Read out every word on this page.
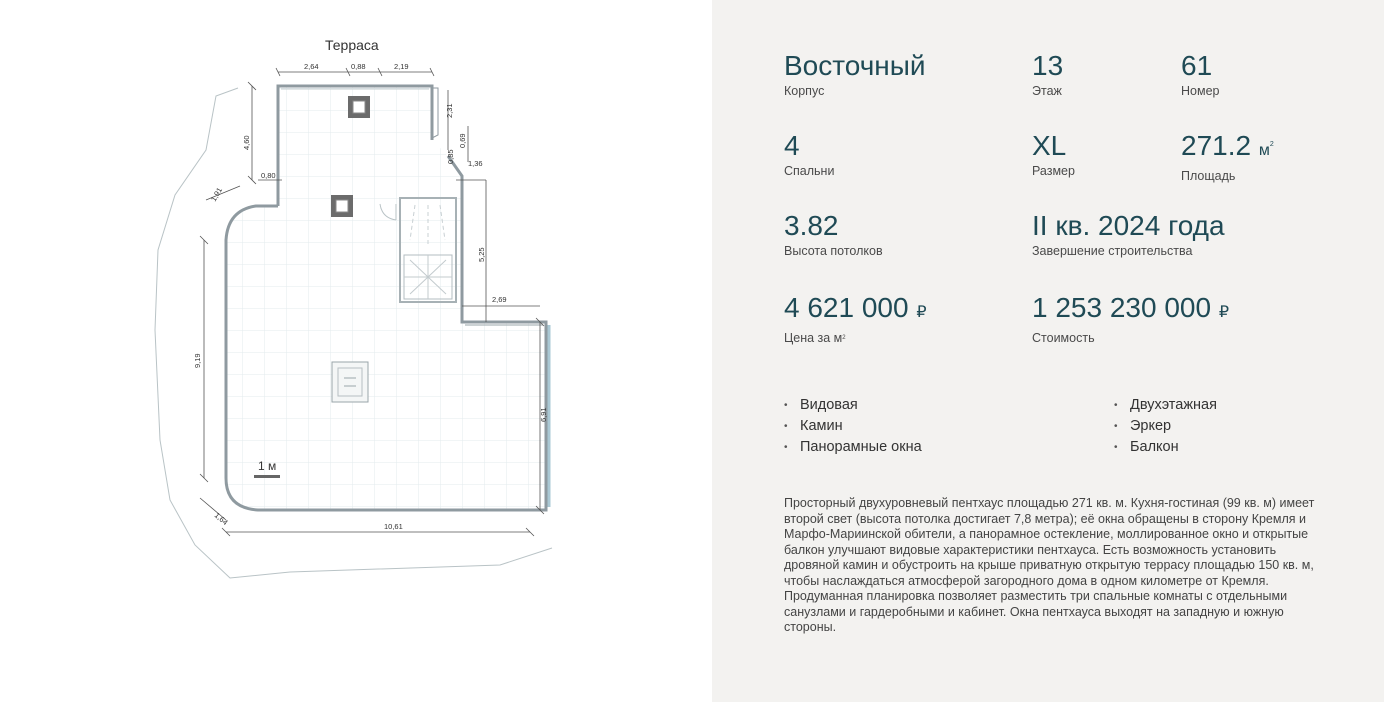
2,64	0,88	2,19
4,60
2,31
0,69
0,85 1,36
1,91
0,80
5,25
2,69
9,19
6,91
1,64	10,61
Терраса
1 м
Восточный
Корпус
13
Этаж
61
Номер
4
Спальни
XL
Размер
271.2 $м^2$
Площадь
3.82
Высота потолков
II кв. 2024 года
Завершение строительства
4 621 000 ₽
Цена за $м^2$
1 253 230 000 ₽
Стоимость
• Видовая
• Камин
• Панорамные окна
• Двухэтажная
• Эркер
• Балкон

Просторный двухуровневый пентхаус площадью 271 кв. м. Кухня-гостиная (99 кв. м) имеет второй свет (высота потолка достигает 7,8 метра); её окна обращены в сторону Кремля и Марфо-Мариинской обители, а панорамное остекление, моллированное окно и открытые балкон улучшают видовые характеристики пентхауса. Есть возможность установить дровяной камин и обустроить на крыше приватную открытую террасу площадью 150 кв. м, чтобы наслаждаться атмосферой загородного дома в одном километре от Кремля. Продуманная планировка позволяет разместить три спальные комнаты с отдельными санузлами и гардеробными и кабинет. Окна пентхауса выходят на западную и южную стороны.
